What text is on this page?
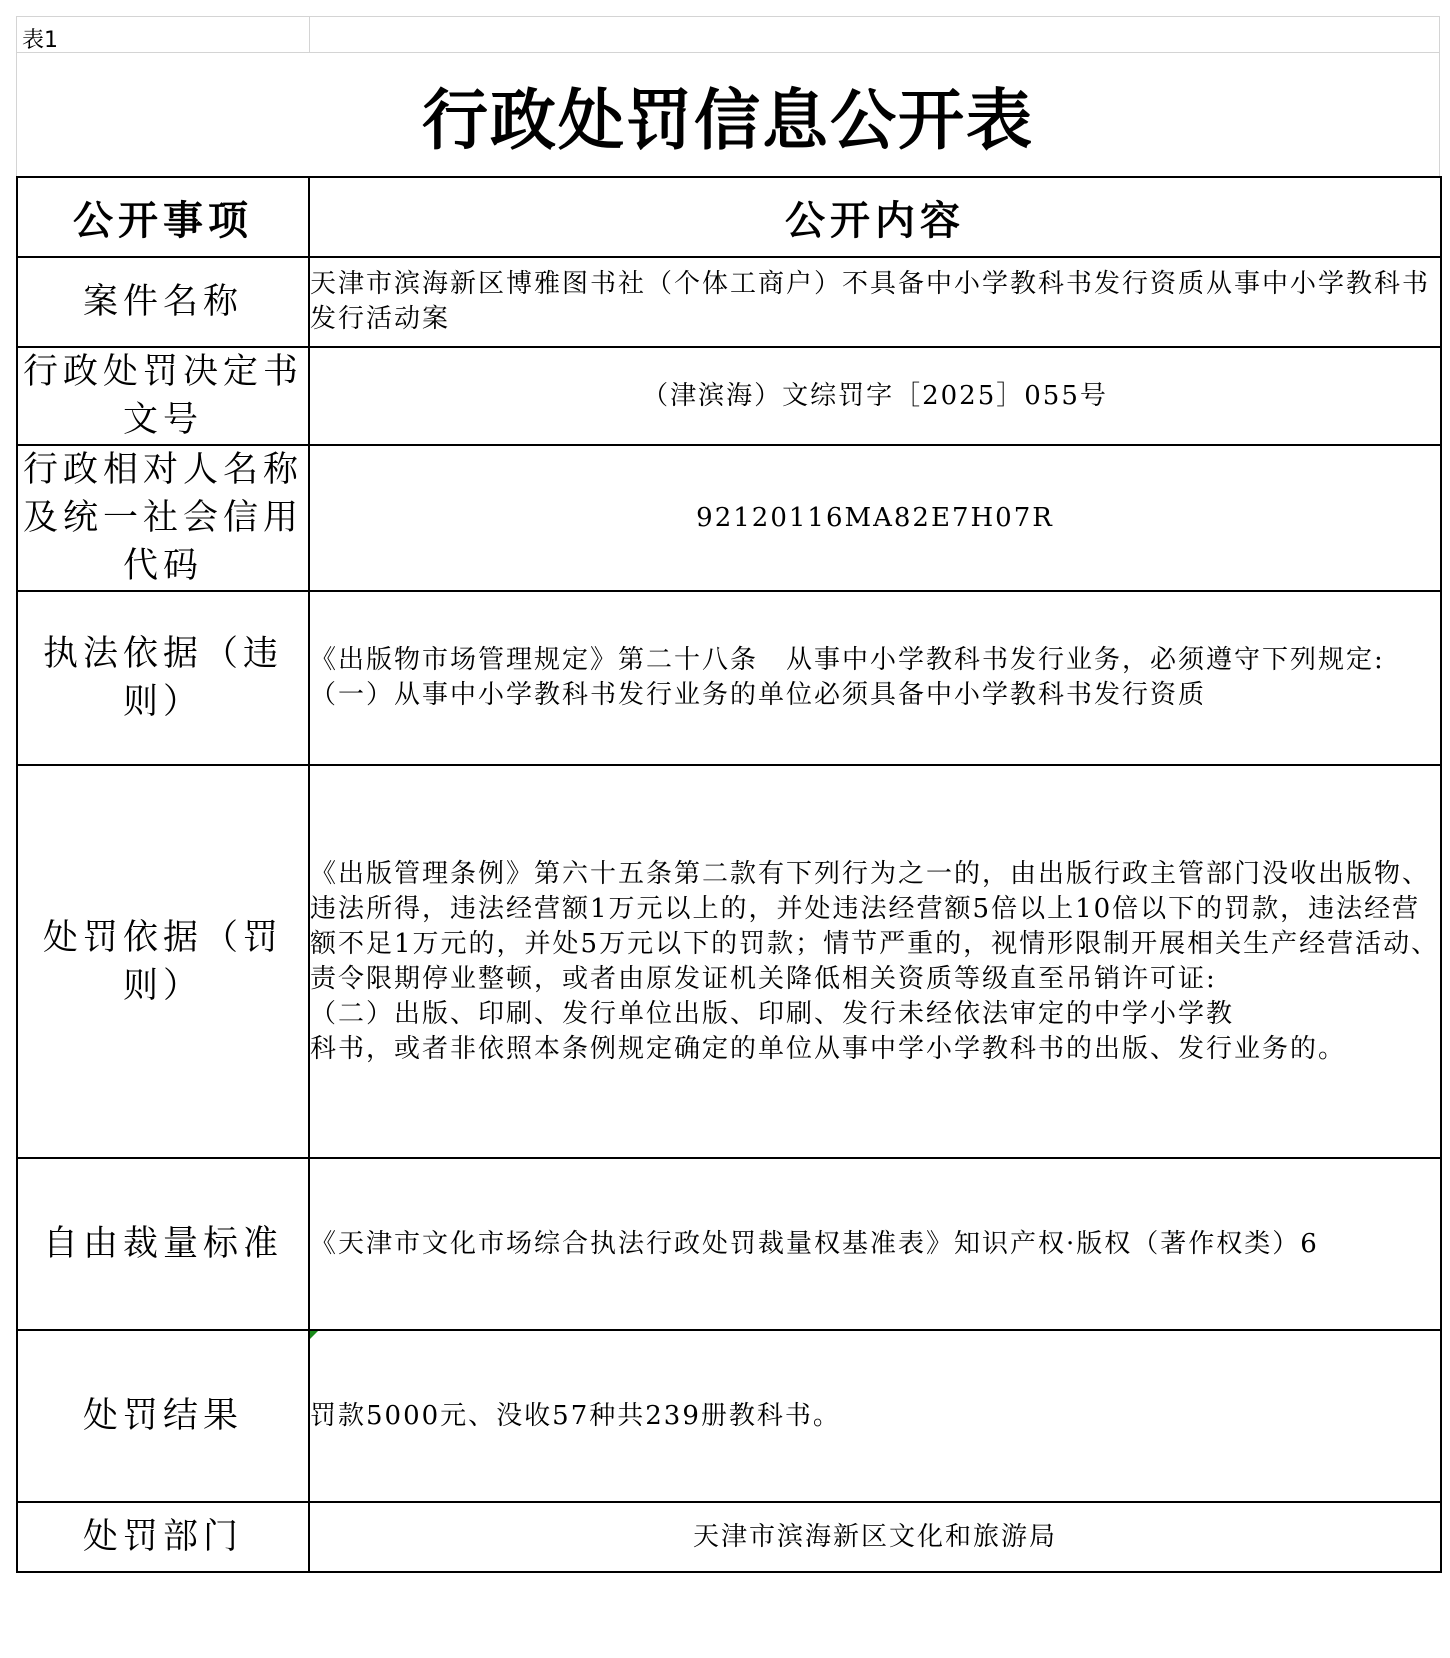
表1
行政处罚信息公开表
公开事项	公开内容
案件名称	天津市滨海新区博雅图书社（个体工商户）不具备中小学教科书发行资质从事中小学教科书发行活动案

行政处罚决定书文号	（津滨海）文综罚字［2025］055号

行政相对人名称及统一社会信用代码	92120116MA82E7H07R

执法依据（违则）	《出版物市场管理规定》第二十八条　从事中小学教科书发行业务，必须遵守下列规定:

（一）从事中小学教科书发行业务的单位必须具备中小学教科书发行资质

处罚依据（罚则）	《出版管理条例》第六十五条第二款有下列行为之一的，由出版行政主管部门没收出版物、违法所得，违法经营额1万元以上的，并处违法经营额5倍以上10倍以下的罚款，违法经营额不足1万元的，并处5万元以下的罚款；情节严重的，视情形限制开展相关生产经营活动、责令限期停业整顿，或者由原发证机关降低相关资质等级直至吊销许可证:

（二）出版、印刷、发行单位出版、印刷、发行未经依法审定的中学小学教

科书，或者非依照本条例规定确定的单位从事中学小学教科书的出版、发行业务的。

自由裁量标准	《天津市文化市场综合执法行政处罚裁量权基准表》知识产权·版权（著作权类）6

处罚结果	罚款5000元、没收57种共239册教科书。

处罚部门	天津市滨海新区文化和旅游局
